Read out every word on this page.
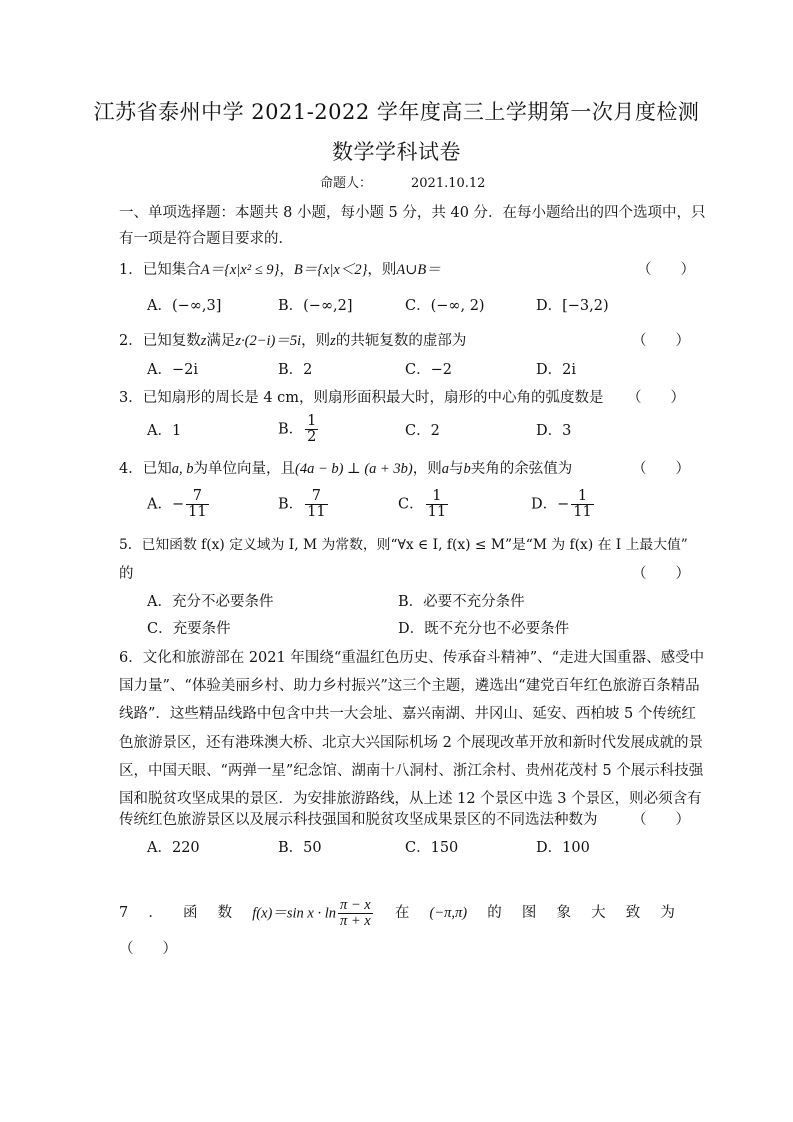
江苏省泰州中学 2021-2022 学年度高三上学期第一次月度检测
数学学科试卷
命题人：	2021.10.12
一、单项选择题：本题共 8 小题，每小题 5 分，共 40 分．在每小题给出的四个选项中，只
有一项是符合题目要求的．
1．已知集合A＝{x|x² ≤ 9}，B＝{x|x＜2}，则A∪B＝	（　　）
A．(−∞,3]	B．(−∞,2]	C．(−∞, 2)	D．[−3,2)
2．已知复数z满足z·(2−i)＝5i，则z的共轭复数的虚部为	（　　）
A．−2i	B．2	C．−2	D．2i
3．已知扇形的周长是 4 cm，则扇形面积最大时，扇形的中心角的弧度数是 （　　）
A．1	B． $\frac{1}{2}$	C．2	D．3
4．已知a, b为单位向量，且(4a − b) ⊥ (a + 3b)，则a与b夹角的余弦值为	（　　）
A．− $\frac{7}{11}$	B． $\frac{7}{11}$	C． $\frac{1}{11}$	D．− $\frac{1}{11}$
5．已知函数 f(x) 定义域为 I, M 为常数，则“∀x ∈ I, f(x) ≤ M”是“M 为 f(x) 在 I 上最大值”
的	（　　）
A．充分不必要条件	B．必要不充分条件
C．充要条件	D．既不充分也不必要条件
6．文化和旅游部在 2021 年围绕“重温红色历史、传承奋斗精神”、“走进大国重器、感受中
国力量”、“体验美丽乡村、助力乡村振兴”这三个主题，遴选出“建党百年红色旅游百条精品
线路”．这些精品线路中包含中共一大会址、嘉兴南湖、井冈山、延安、西柏坡 5 个传统红
色旅游景区，还有港珠澳大桥、北京大兴国际机场 2 个展现改革开放和新时代发展成就的景
区，中国天眼、“两弹一星”纪念馆、湖南十八洞村、浙江余村、贵州花茂村 5 个展示科技强
国和脱贫攻坚成果的景区．为安排旅游路线，从上述 12 个景区中选 3 个景区，则必须含有
传统红色旅游景区以及展示科技强国和脱贫攻坚成果景区的不同选法种数为 （　　）
A．220	B．50	C．150	D．100
7 ． 函 数 f(x)＝sin $x \cdot \ln \frac{\pi - x}{\pi + x}$ 在 (−π,π) 的 图 象 大 致 为
（　　）
